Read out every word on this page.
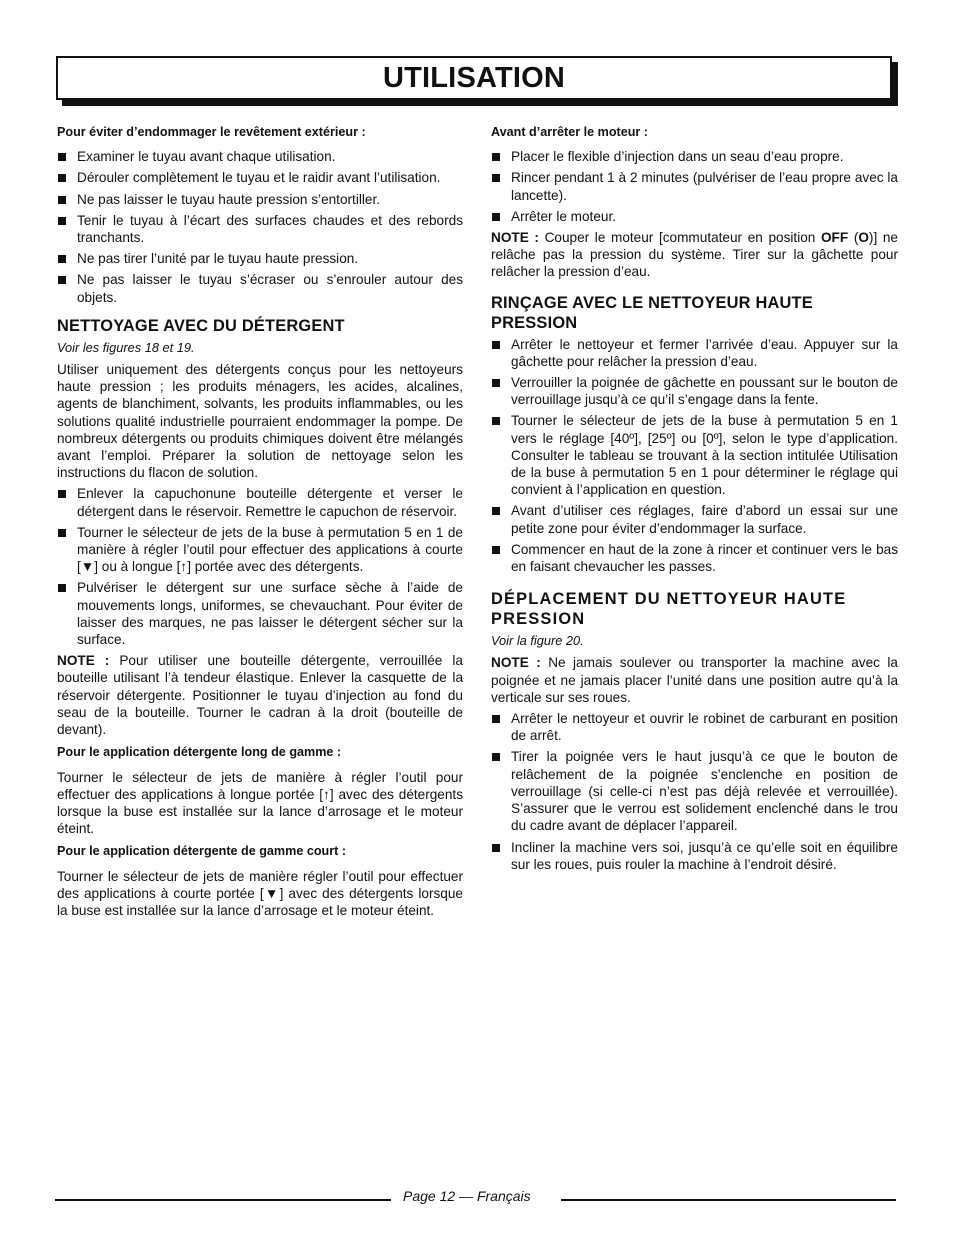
UTILISATION
Pour éviter d’endommager le revêtement extérieur :
Examiner le tuyau avant chaque utilisation.
Dérouler complètement le tuyau et le raidir avant l’utilisation.
Ne pas laisser le tuyau haute pression s’entortiller.
Tenir le tuyau à l’écart des surfaces chaudes et des rebords tranchants.
Ne pas tirer l’unité par le tuyau haute pression.
Ne pas laisser le tuyau s’écraser ou s’enrouler autour des objets.
NETTOYAGE AVEC DU DÉTERGENT
Voir les figures 18 et 19.

Utiliser uniquement des détergents conçus pour les nettoyeurs haute pression ; les produits ménagers, les acides, alcalines, agents de blanchiment, solvants, les produits inflammables, ou les solutions qualité industrielle pourraient endommager la pompe. De nombreux détergents ou produits chimiques doivent être mélangés avant l’emploi. Préparer la solution de nettoyage selon les instructions du flacon de solution.

Enlever la capuchonune bouteille détergente et verser le détergent dans le réservoir. Remettre le capuchon de réservoir.
Tourner le sélecteur de jets de la buse à permutation 5 en 1 de manière à régler l’outil pour effectuer des applications à courte [▼] ou à longue [↑] portée avec des détergents.
Pulvériser le détergent sur une surface sèche à l’aide de mouvements longs, uniformes, se chevauchant. Pour éviter de laisser des marques, ne pas laisser le détergent sécher sur la surface.

NOTE : Pour utiliser une bouteille détergente, verrouillée la bouteille utilisant l’à tendeur élastique. Enlever la casquette de la réservoir détergente. Positionner le tuyau d’injection au fond du seau de la bouteille. Tourner le cadran à la droit (bouteille de devant).

Pour le application détergente long de gamme :

Tourner le sélecteur de jets de manière à régler l’outil pour effectuer des applications à longue portée [↑] avec des détergents lorsque la buse est installée sur la lance d’arrosage et le moteur éteint.

Pour le application détergente de gamme court :

Tourner le sélecteur de jets de manière régler l’outil pour effectuer des applications à courte portée [▼] avec des détergents lorsque la buse est installée sur la lance d’arrosage et le moteur éteint.

Avant d’arrêter le moteur :
Placer le flexible d’injection dans un seau d’eau propre.
Rincer pendant 1 à 2 minutes (pulvériser de l’eau propre avec la lancette).
Arrêter le moteur.

NOTE : Couper le moteur [commutateur en position OFF (O)] ne relâche pas la pression du système. Tirer sur la gâchette pour relâcher la pression d’eau.

RINÇAGE AVEC LE NETTOYEUR HAUTE PRESSION
Arrêter le nettoyeur et fermer l’arrivée d’eau. Appuyer sur la gâchette pour relâcher la pression d’eau.
Verrouiller la poignée de gâchette en poussant sur le bouton de verrouillage jusqu’à ce qu’il s’engage dans la fente.
Tourner le sélecteur de jets de la buse à permutation 5 en 1 vers le réglage [40º], [25º] ou [0º], selon le type d’application. Consulter le tableau se trouvant à la section intitulée Utilisation de la buse à permutation 5 en 1 pour déterminer le réglage qui convient à l’application en question.
Avant d’utiliser ces réglages, faire d’abord un essai sur une petite zone pour éviter d’endommager la surface.
Commencer en haut de la zone à rincer et continuer vers le bas en faisant chevaucher les passes.
DÉPLACEMENT DU NETTOYEUR HAUTE PRESSION
Voir la figure 20.

NOTE : Ne jamais soulever ou transporter la machine avec la poignée et ne jamais placer l’unité dans une position autre qu’à la verticale sur ses roues.

Arrêter le nettoyeur et ouvrir le robinet de carburant en position de arrêt.
Tirer la poignée vers le haut jusqu’à ce que le bouton de relâchement de la poignée s’enclenche en position de verrouillage (si celle-ci n’est pas déjà relevée et verrouillée). S’assurer que le verrou est solidement enclenché dans le trou du cadre avant de déplacer l’appareil.
Incliner la machine vers soi, jusqu’à ce qu’elle soit en équilibre sur les roues, puis rouler la machine à l’endroit désiré.
Page 12 — Français
